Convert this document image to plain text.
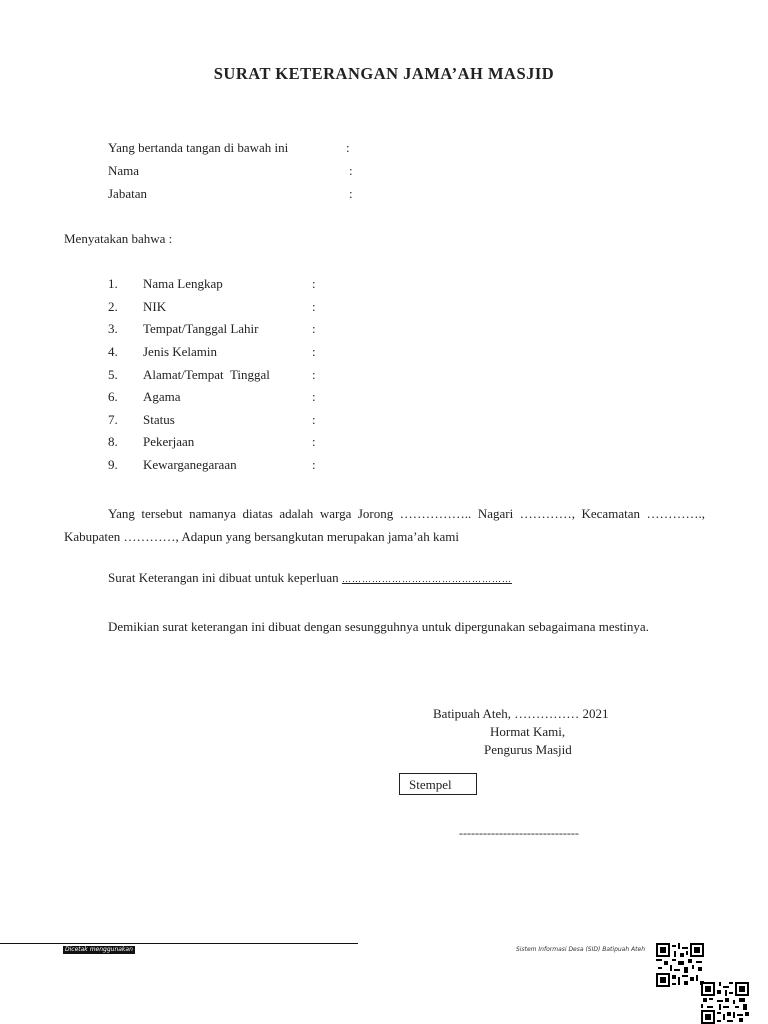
SURAT KETERANGAN JAMA’AH MASJID
Yang bertanda tangan di bawah ini	:
Nama	:
Jabatan	:
Menyatakan bahwa :
1. Nama Lengkap	:
2. NIK	:
3. Tempat/Tanggal Lahir	:
4. Jenis Kelamin	:
5. Alamat/Tempat  Tinggal	:
6. Agama	:
7. Status	:
8. Pekerjaan	:
9. Kewarganegaraan	:
Yang tersebut namanya diatas adalah warga Jorong …………….. Nagari …………, Kecamatan …………., Kabupaten …………, Adapun yang bersangkutan merupakan jama’ah kami
Surat Keterangan ini dibuat untuk keperluan ……………………………………………
Demikian surat keterangan ini dibuat dengan sesungguhnya untuk dipergunakan sebagaimana mestinya.
Batipuah Ateh, …………… 2021
Hormat Kami,
Pengurus Masjid
Stempel
------------------------------
Dicetak menggunakan	Sistem Informasi Desa (SID) Batipuah Ateh
